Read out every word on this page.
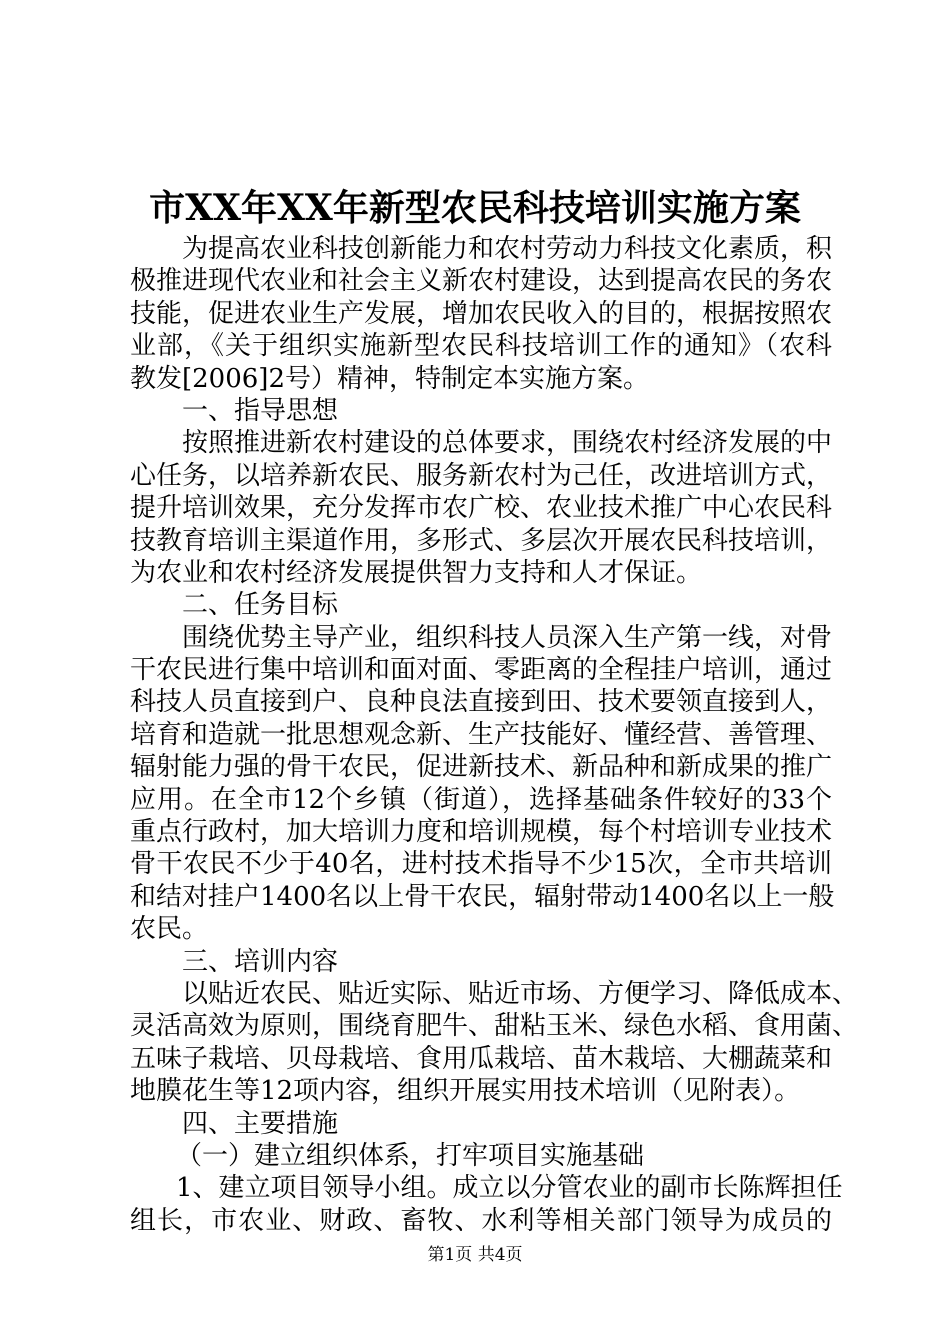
市XX年XX年新型农民科技培训实施方案
为提高农业科技创新能力和农村劳动力科技文化素质，积
极推进现代农业和社会主义新农村建设，达到提高农民的务农
技能，促进农业生产发展，增加农民收入的目的，根据按照农
业部，《关于组织实施新型农民科技培训工作的通知》（农科
教发[2006]2号）精神，特制定本实施方案。
一、指导思想
按照推进新农村建设的总体要求，围绕农村经济发展的中
心任务，以培养新农民、服务新农村为己任，改进培训方式，
提升培训效果，充分发挥市农广校、农业技术推广中心农民科
技教育培训主渠道作用，多形式、多层次开展农民科技培训，
为农业和农村经济发展提供智力支持和人才保证。
二、任务目标
围绕优势主导产业，组织科技人员深入生产第一线，对骨
干农民进行集中培训和面对面、零距离的全程挂户培训，通过
科技人员直接到户、良种良法直接到田、技术要领直接到人，
培育和造就一批思想观念新、生产技能好、懂经营、善管理、
辐射能力强的骨干农民，促进新技术、新品种和新成果的推广
应用。在全市12个乡镇（街道），选择基础条件较好的33个
重点行政村，加大培训力度和培训规模，每个村培训专业技术
骨干农民不少于40名，进村技术指导不少15次，全市共培训
和结对挂户1400名以上骨干农民，辐射带动1400名以上一般
农民。
三、培训内容
以贴近农民、贴近实际、贴近市场、方便学习、降低成本、
灵活高效为原则，围绕育肥牛、甜粘玉米、绿色水稻、食用菌、
五味子栽培、贝母栽培、食用瓜栽培、苗木栽培、大棚蔬菜和
地膜花生等12项内容，组织开展实用技术培训（见附表）。
四、主要措施
（一）建立组织体系，打牢项目实施基础
1、建立项目领导小组。成立以分管农业的副市长陈辉担任
组长，市农业、财政、畜牧、水利等相关部门领导为成员的
第1页 共4页
